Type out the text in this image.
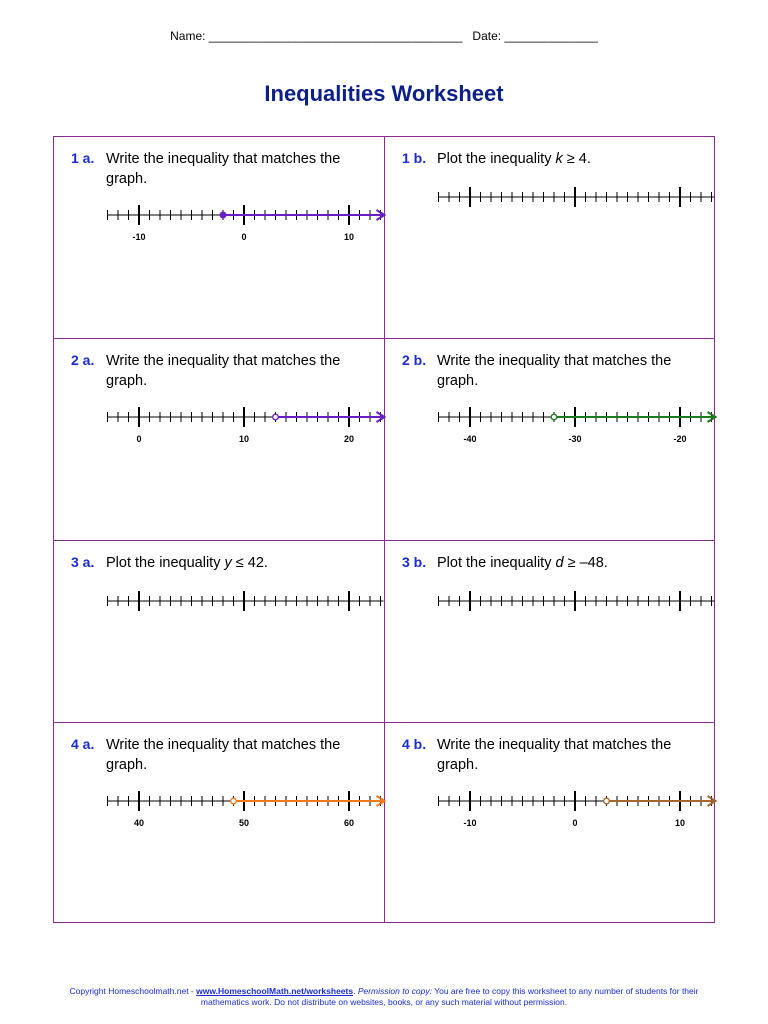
Name: ______________________________________ Date: ______________
Inequalities Worksheet
1 a. Write the inequality that matches the graph.
-10	0	10
1 b. Plot the inequality k ≥ 4.
2 a. Write the inequality that matches the graph.
0	10	20
2 b. Write the inequality that matches the graph.
-40	-30	-20
3 a. Plot the inequality y ≤ 42.	3 b. Plot the inequality d ≥ –48.
4 a. Write the inequality that matches the graph.
40	50	60
4 b. Write the inequality that matches the graph.
-10	0	10
Copyright Homeschoolmath.net - www.HomeschoolMath.net/worksheets. Permission to copy: You are free to copy this worksheet to any number of students for their mathematics work. Do not distribute on websites, books, or any such material without permission.
